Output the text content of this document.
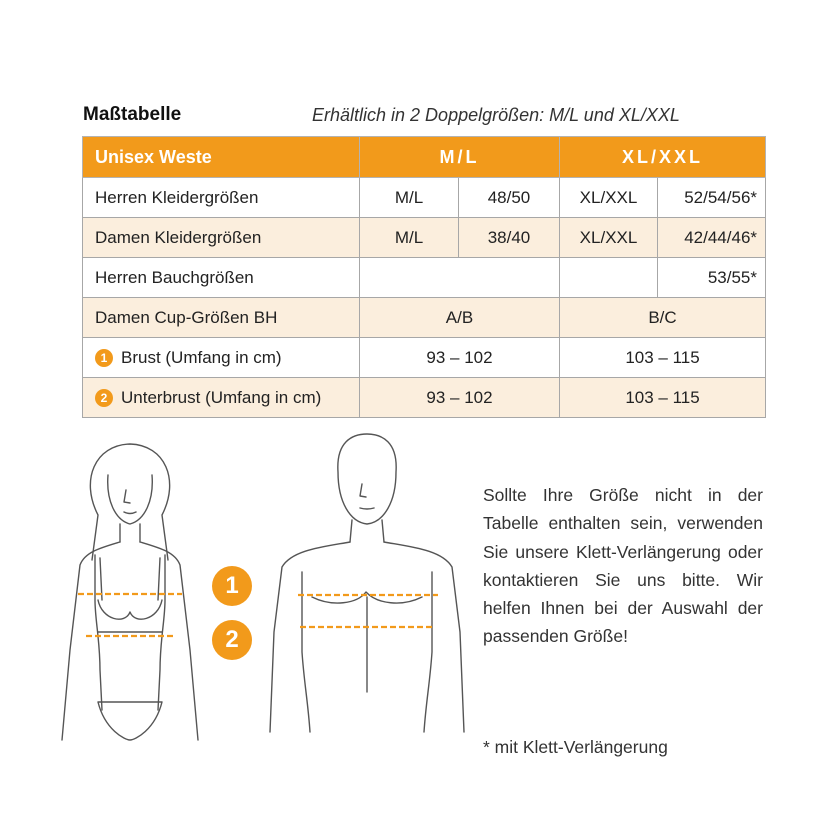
Maßtabelle	Erhältlich in 2 Doppelgrößen: M/L und XL/XXL
Unisex Weste	M/L		XL/XXL	
Herren Kleidergrößen	M/L	48/50	XL/XXL	52/54/56*
Damen Kleidergrößen	M/L	38/40	XL/XXL	42/44/46*
Herren Bauchgrößen				53/55*
Damen Cup-Größen BH	A/B		B/C	
1 Brust (Umfang in cm)	93 – 102		103 – 115	
2 Unterbrust (Umfang in cm)	93 – 102		103 – 115	
1
2
Sollte Ihre Größe nicht in der Tabelle enthalten sein, verwenden Sie unsere Klett-Verlängerung oder kontaktieren Sie uns bitte. Wir helfen Ihnen bei der Auswahl der passenden Größe!
* mit Klett-Verlängerung
